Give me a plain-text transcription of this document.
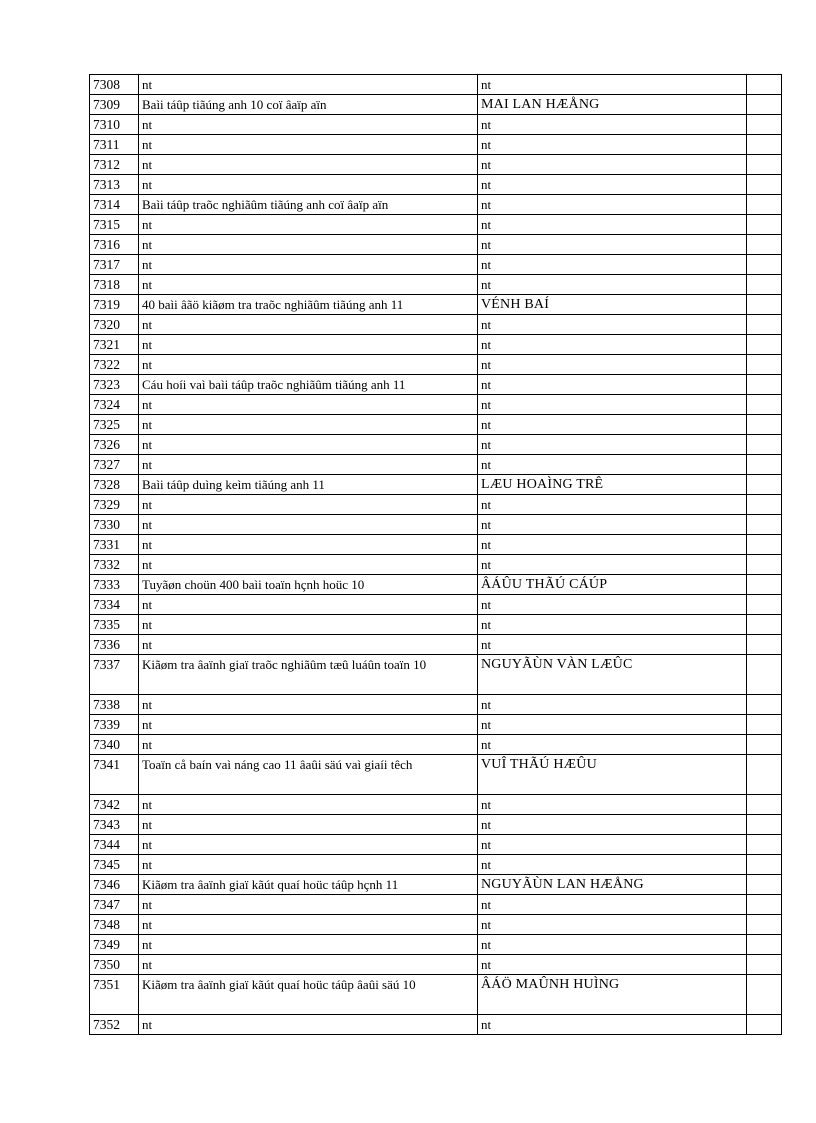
7308	nt	nt	
7309	Baìi táûp tiãúng anh 10 coï âaïp aïn	MAI LAN HÆÅNG	
7310	nt	nt	
7311	nt	nt	
7312	nt	nt	
7313	nt	nt	
7314	Baìi táûp traõc nghiãûm tiãúng anh coï âaïp aïn	nt	
7315	nt	nt	
7316	nt	nt	
7317	nt	nt	
7318	nt	nt	
7319	40 baìi âãö kiãøm tra traõc nghiãûm tiãúng anh 11	VÉNH BAÍ	
7320	nt	nt	
7321	nt	nt	
7322	nt	nt	
7323	Cáu hoíi vaì baìi táûp traõc nghiãûm tiãúng anh 11	nt	
7324	nt	nt	
7325	nt	nt	
7326	nt	nt	
7327	nt	nt	
7328	Baìi táûp duìng keìm tiãúng anh 11	LÆU HOAÌNG TRÊ	
7329	nt	nt	
7330	nt	nt	
7331	nt	nt	
7332	nt	nt	
7333	Tuyãøn choün 400 baìi toaïn hçnh hoüc 10	ÂÁÛU THÃÚ CÁÚP	
7334	nt	nt	
7335	nt	nt	
7336	nt	nt	
7337	Kiãøm tra âaïnh giaï traõc nghiãûm tæû luáûn toaïn 10	NGUYÃÙN VÀN LÆÛC	
7338	nt	nt	
7339	nt	nt	
7340	nt	nt	
7341	Toaïn cå baín vaì náng cao 11 âaûi säú vaì giaíi têch	VUÎ THÃÚ HÆÛU	
7342	nt	nt	
7343	nt	nt	
7344	nt	nt	
7345	nt	nt	
7346	Kiãøm tra âaïnh giaï kãút quaí hoüc táûp hçnh 11	NGUYÃÙN LAN HÆÅNG	
7347	nt	nt	
7348	nt	nt	
7349	nt	nt	
7350	nt	nt	
7351	Kiãøm tra âaïnh giaï kãút quaí hoüc táûp âaûi säú 10	ÂÁÖ MAÛNH HUÌNG	
7352	nt	nt	
